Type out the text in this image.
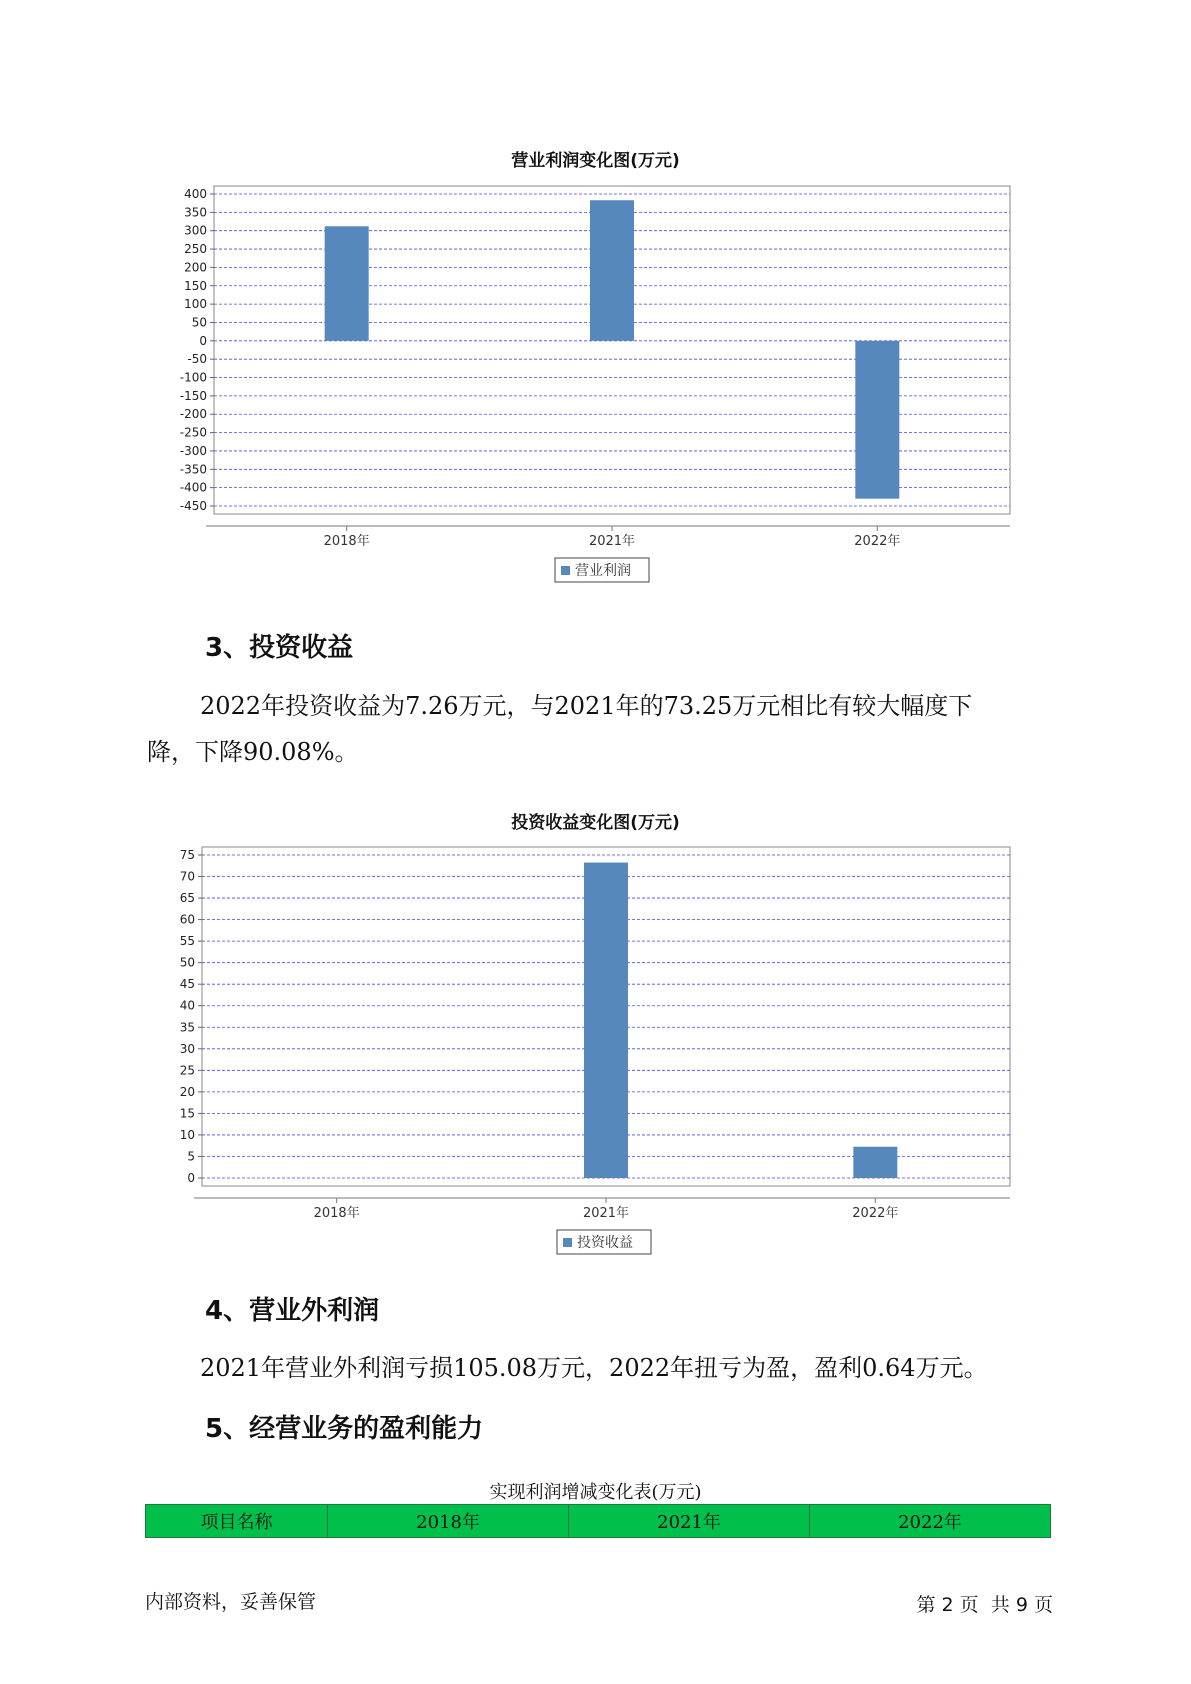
营业利润变化图(万元)
400
350
300
250
200
150
100
50
0
-50
-100
-150
-200
-250
-300
-350
-400
-450
2018年	2021年	2022年
营业利润
3、投资收益
2022年投资收益为7.26万元，与2021年的73.25万元相比有较大幅度下
降，下降90.08%。
投资收益变化图(万元)
75
70
65
60
55
50
45
40
35
30
25
20
15
10
5
0
2018年	2021年	2022年
投资收益
4、营业外利润
2021年营业外利润亏损105.08万元，2022年扭亏为盈，盈利0.64万元。
5、经营业务的盈利能力
实现利润增减变化表(万元)
项目名称	2018年	2021年	2022年
内部资料，妥善保管	第 2 页 共 9 页
